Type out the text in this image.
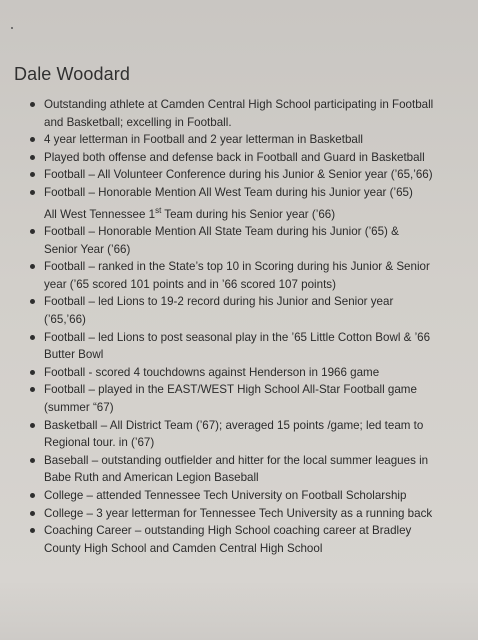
Dale Woodard
Outstanding athlete at Camden Central High School participating in Football
and Basketball; excelling in Football.
4 year letterman in Football and 2 year letterman in Basketball
Played both offense and defense back in Football and Guard in Basketball
Football – All Volunteer Conference during his Junior & Senior year (’65,’66)
Football – Honorable Mention All West Team during his Junior year (’65)
All West Tennessee 1st Team during his Senior year (’66)
Football – Honorable Mention All State Team during his Junior (’65) &
Senior Year (’66)
Football – ranked in the State’s top 10 in Scoring during his Junior & Senior
year (’65 scored 101 points and in ’66 scored 107 points)
Football – led Lions to 19-2 record during his Junior and Senior year
(’65,’66)
Football – led Lions to post seasonal play in the ’65 Little Cotton Bowl & ’66
Butter Bowl
Football - scored 4 touchdowns against Henderson in 1966 game
Football – played in the EAST/WEST High School All-Star Football game
(summer “67)
Basketball – All District Team (’67); averaged 15 points /game; led team to
Regional tour. in (’67)
Baseball – outstanding outfielder and hitter for the local summer leagues in
Babe Ruth and American Legion Baseball
College – attended Tennessee Tech University on Football Scholarship
College – 3 year letterman for Tennessee Tech University as a running back
Coaching Career – outstanding High School coaching career at Bradley
County High School and Camden Central High School
